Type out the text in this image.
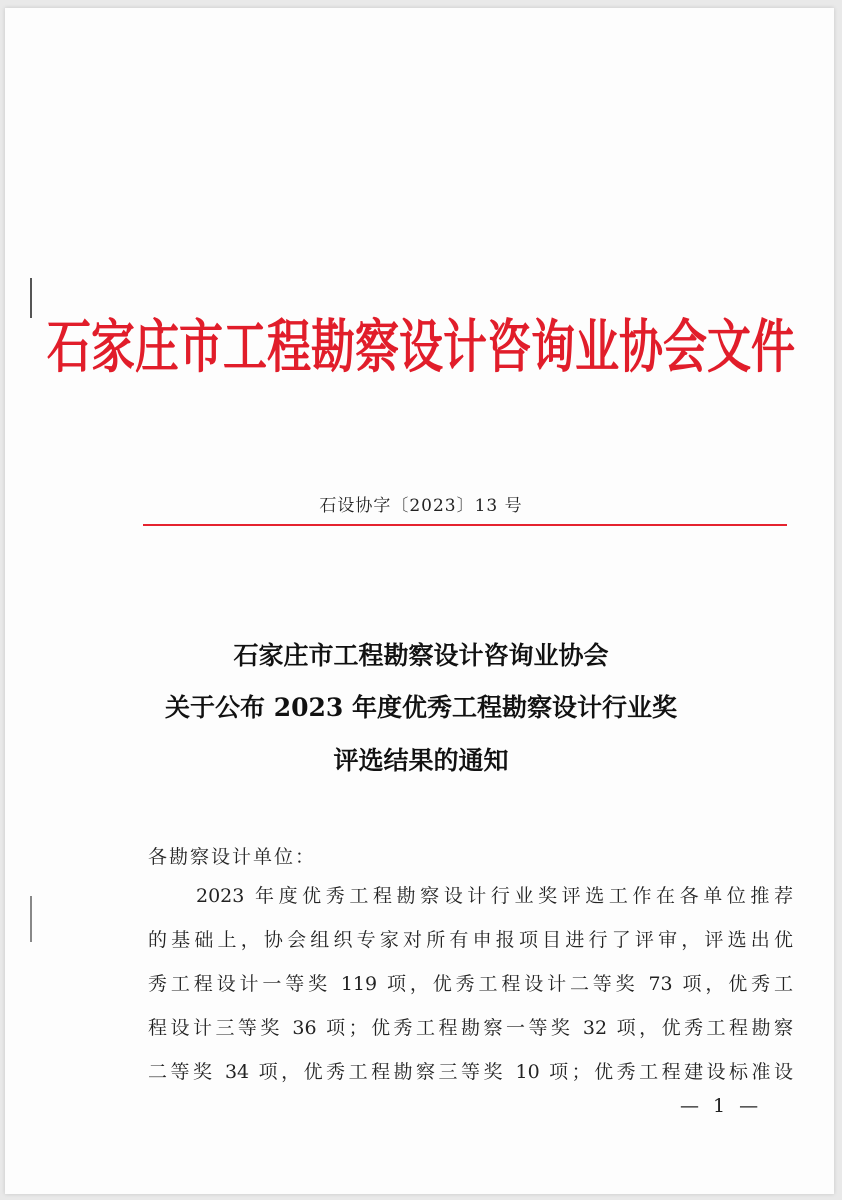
石家庄市工程勘察设计咨询业协会文件
石设协字〔2023〕13 号
石家庄市工程勘察设计咨询业协会
关于公布 2023 年度优秀工程勘察设计行业奖
评选结果的通知
各勘察设计单位：
2023 年度优秀工程勘察设计行业奖评选工作在各单位推荐
的基础上，协会组织专家对所有申报项目进行了评审，评选出优
秀工程设计一等奖 119 项，优秀工程设计二等奖 73 项，优秀工
程设计三等奖 36 项；优秀工程勘察一等奖 32 项，优秀工程勘察
二等奖 34 项，优秀工程勘察三等奖 10 项；优秀工程建设标准设
— 1 —
